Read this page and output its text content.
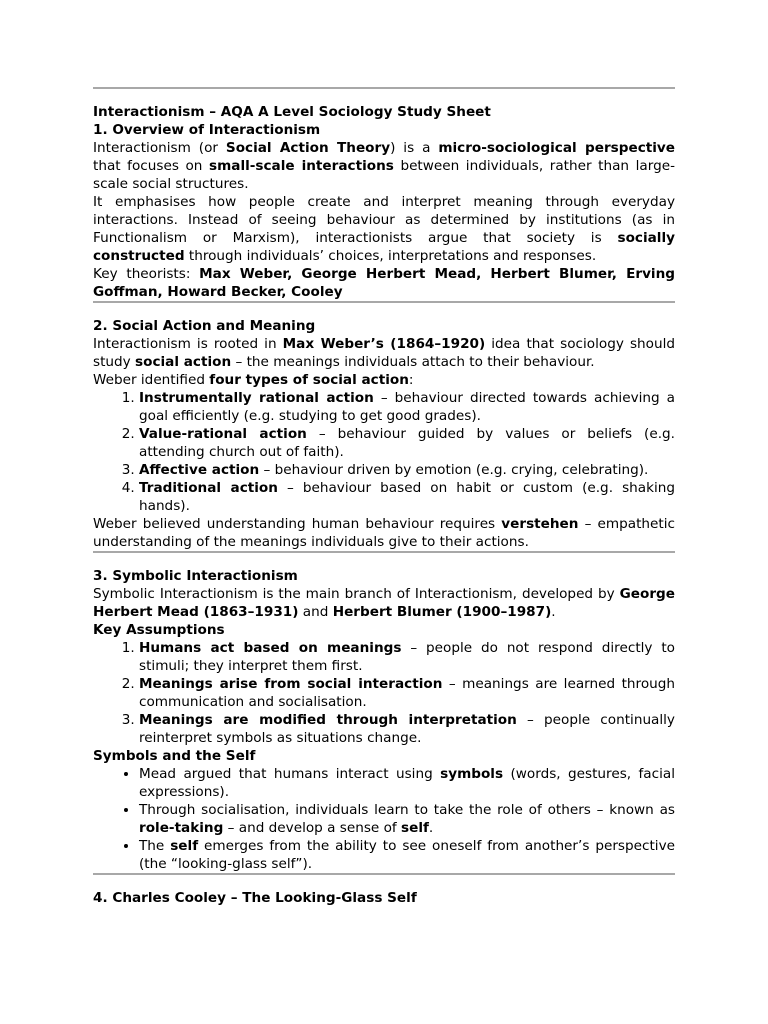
Interactionism – AQA A Level Sociology Study Sheet

1. Overview of Interactionism

Interactionism (or Social Action Theory) is a micro-sociological perspective that focuses on small-scale interactions between individuals, rather than large-scale social structures.

It emphasises how people create and interpret meaning through everyday interactions. Instead of seeing behaviour as determined by institutions (as in Functionalism or Marxism), interactionists argue that society is socially constructed through individuals’ choices, interpretations and responses.

Key theorists: Max Weber, George Herbert Mead, Herbert Blumer, Erving Goffman, Howard Becker, Cooley

2. Social Action and Meaning

Interactionism is rooted in Max Weber’s (1864–1920) idea that sociology should study social action – the meanings individuals attach to their behaviour.

Weber identified four types of social action:

1. Instrumentally rational action – behaviour directed towards achieving a goal efficiently (e.g. studying to get good grades).
2. Value-rational action – behaviour guided by values or beliefs (e.g. attending church out of faith).
3. Affective action – behaviour driven by emotion (e.g. crying, celebrating).
4. Traditional action – behaviour based on habit or custom (e.g. shaking hands).

Weber believed understanding human behaviour requires verstehen – empathetic understanding of the meanings individuals give to their actions.

3. Symbolic Interactionism

Symbolic Interactionism is the main branch of Interactionism, developed by George Herbert Mead (1863–1931) and Herbert Blumer (1900–1987).

Key Assumptions

1. Humans act based on meanings – people do not respond directly to stimuli; they interpret them first.
2. Meanings arise from social interaction – meanings are learned through communication and socialisation.
3. Meanings are modified through interpretation – people continually reinterpret symbols as situations change.

Symbols and the Self

• Mead argued that humans interact using symbols (words, gestures, facial expressions).
• Through socialisation, individuals learn to take the role of others – known as role-taking – and develop a sense of self.
• The self emerges from the ability to see oneself from another’s perspective (the “looking-glass self”).

4. Charles Cooley – The Looking-Glass Self
